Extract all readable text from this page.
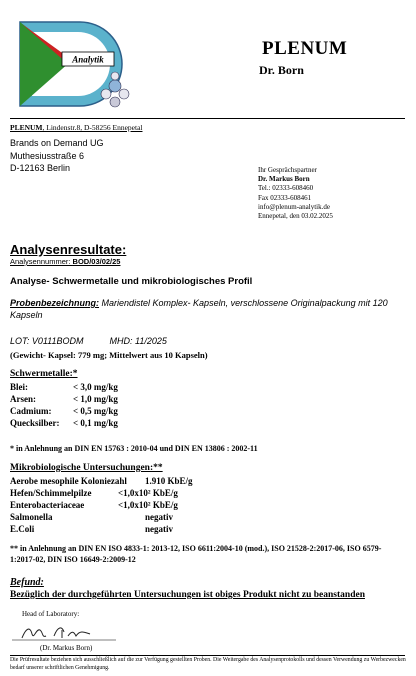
Analytik
PLENUM
Dr. Born
PLENUM, Lindenstr.8, D-58256 Ennepetal
Brands on Demand UG
Muthesiusstraße 6
D-12163 Berlin	Ihr Gesprächspartner
Dr. Markus Born
Tel.: 02333-608460
Fax 02333-608461
info@plenum-analytik.de
Ennepetal, den 03.02.2025
Analysenresultate:
Analysennummer: BOD/03/02/25
Analyse- Schwermetalle und mikrobiologisches Profil
Probenbezeichnung: Mariendistel Komplex- Kapseln, verschlossene Originalpackung mit 120 Kapseln
LOT: V0111BODM	MHD: 11/2025
(Gewicht- Kapsel: 779 mg; Mittelwert aus 10 Kapseln)
Schwermetalle:*
Blei:	< 3,0 mg/kg
Arsen:	< 1,0 mg/kg
Cadmium: < 0,5 mg/kg
Quecksilber: < 0,1 mg/kg
* in Anlehnung an DIN EN 15763 : 2010-04 und DIN EN 13806 : 2002-11
Mikrobiologische Untersuchungen:**
Aerobe mesophile Koloniezahl 1.910 KbE/g
Hefen/Schimmelpilze	<1,0x10² KbE/g
Enterobacteriaceae	<1,0x10² KbE/g
Salmonella	negativ
E.Coli	negativ
** in Anlehnung an DIN EN ISO 4833-1: 2013-12, ISO 6611:2004-10 (mod.), ISO 21528-2:2017-06, ISO 6579-1:2017-02, DIN ISO 16649-2:2009-12
Befund:
Bezüglich der durchgeführten Untersuchungen ist obiges Produkt nicht zu beanstanden
Head of Laboratory:
(Dr. Markus Born)
Die Prüfresultate beziehen sich ausschließlich auf die zur Verfügung gestellten Proben. Die Weitergabe des Analysenprotokolls und dessen Verwendung zu Werbezwecken bedarf unserer schriftlichen Genehmigung.
